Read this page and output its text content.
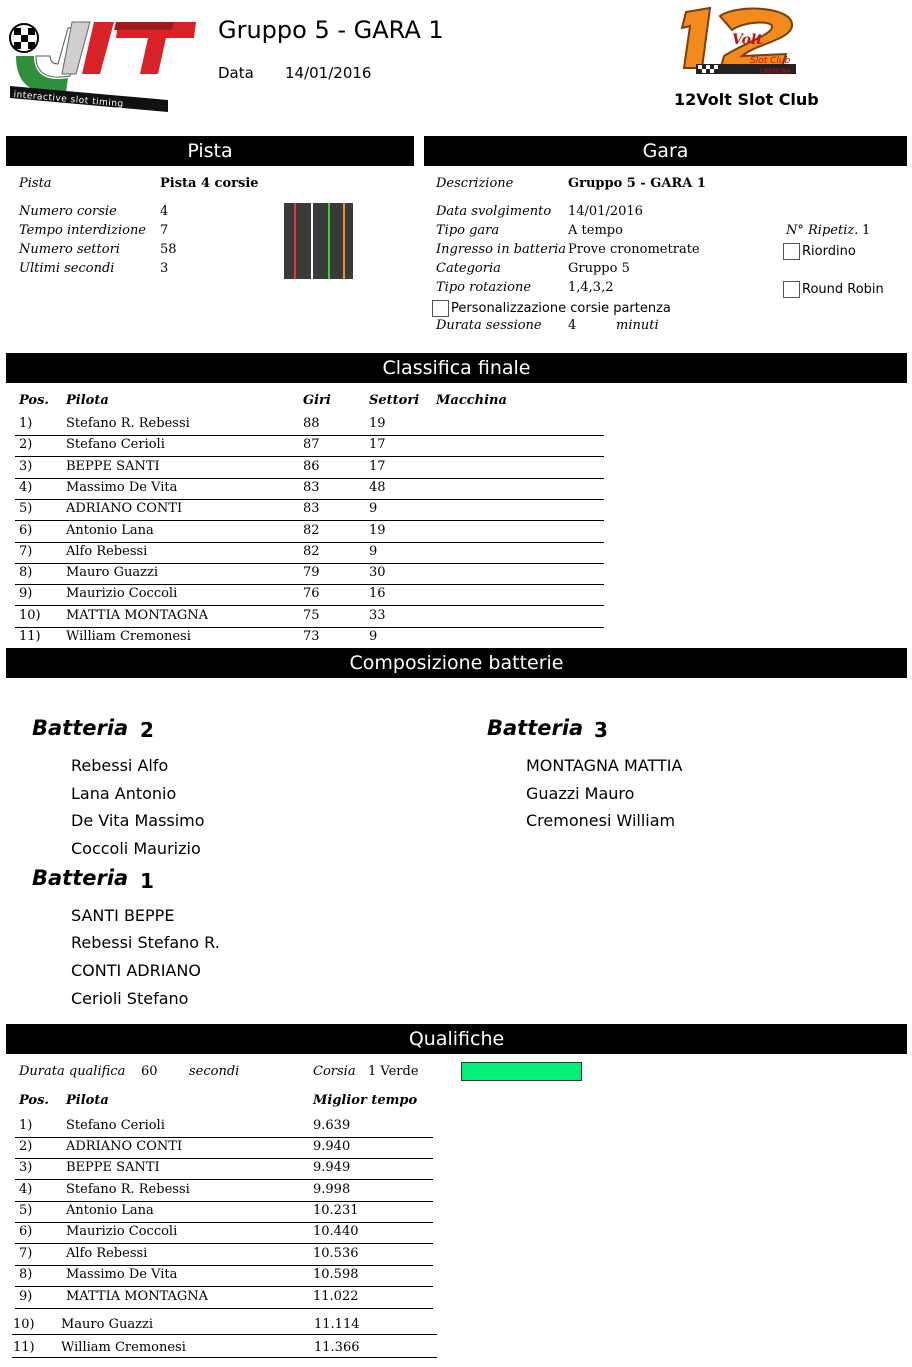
interactive slot timing
Gruppo 5 - GARA 1
Data 14/01/2016
Volt
Slot Club
CREMONA
12Volt Slot Club
Pista	Gara
Pista	Pista 4 corsie
Numero corsie	4
Tempo interdizione 7
Numero settori	58
Ultimi secondi	3
Descrizione	Gruppo 5 - GARA 1
Data svolgimento 14/01/2016
Tipo gara	A tempo
Ingresso in batteria Prove cronometrate
Categoria	Gruppo 5
Tipo rotazione	1,4,3,2
N° Ripetiz. 1
Riordino
Round Robin
Personalizzazione corsie partenza
Durata sessione 4	minuti
Classifica finale
Pos. Pilota	Giri	Settori Macchina
1)	Stefano R. Rebessi	88	19
2)	Stefano Cerioli	87	17
3)	BEPPE SANTI	86	17
4)	Massimo De Vita	83	48
5)	ADRIANO CONTI	83	9
6)	Antonio Lana	82	19
7)	Alfo Rebessi	82	9
8)	Mauro Guazzi	79	30
9)	Maurizio Coccoli	76	16
10) MATTIA MONTAGNA	75	33
11) William Cremonesi	73	9
Composizione batterie
Batteria 2
Rebessi Alfo
Lana Antonio
De Vita Massimo
Coccoli Maurizio
Batteria 3
MONTAGNA MATTIA
Guazzi Mauro
Cremonesi William
Batteria 1
SANTI BEPPE
Rebessi Stefano R.
CONTI ADRIANO
Cerioli Stefano
Qualifiche
Durata qualifica 60 secondi	Corsia 1 Verde
Pos. Pilota	Miglior tempo
1)	Stefano Cerioli	9.639
2)	ADRIANO CONTI	9.940
3)	BEPPE SANTI	9.949
4)	Stefano R. Rebessi	9.998
5)	Antonio Lana	10.231
6)	Maurizio Coccoli	10.440
7)	Alfo Rebessi	10.536
8)	Massimo De Vita	10.598
9)	MATTIA MONTAGNA	11.022
10) Mauro Guazzi	11.114
11) William Cremonesi	11.366
